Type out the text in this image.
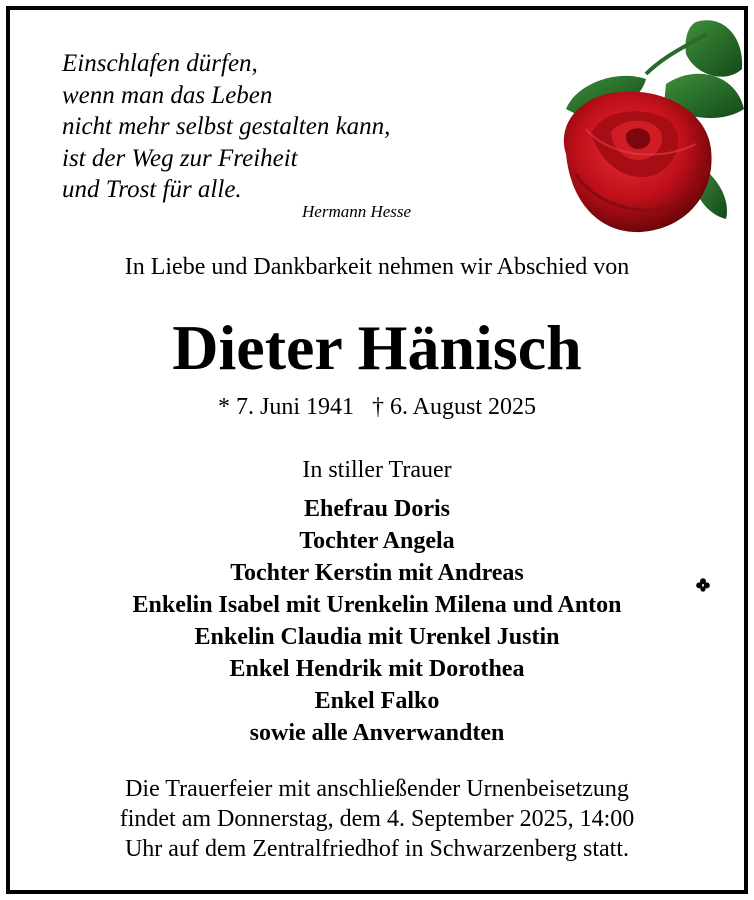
Einschlafen dürfen,
wenn man das Leben
nicht mehr selbst gestalten kann,
ist der Weg zur Freiheit
und Trost für alle.
Hermann Hesse
In Liebe und Dankbarkeit nehmen wir Abschied von
Dieter Hänisch
* 7. Juni 1941   † 6. August 2025
In stiller Trauer
Ehefrau Doris
Tochter Angela
Tochter Kerstin mit Andreas
Enkelin Isabel mit Urenkelin Milena und Anton
Enkelin Claudia mit Urenkel Justin
Enkel Hendrik mit Dorothea
Enkel Falko
sowie alle Anverwandten
Die Trauerfeier mit anschließender Urnenbeisetzung
findet am Donnerstag, dem 4. September 2025, 14:00
Uhr auf dem Zentralfriedhof in Schwarzenberg statt.
